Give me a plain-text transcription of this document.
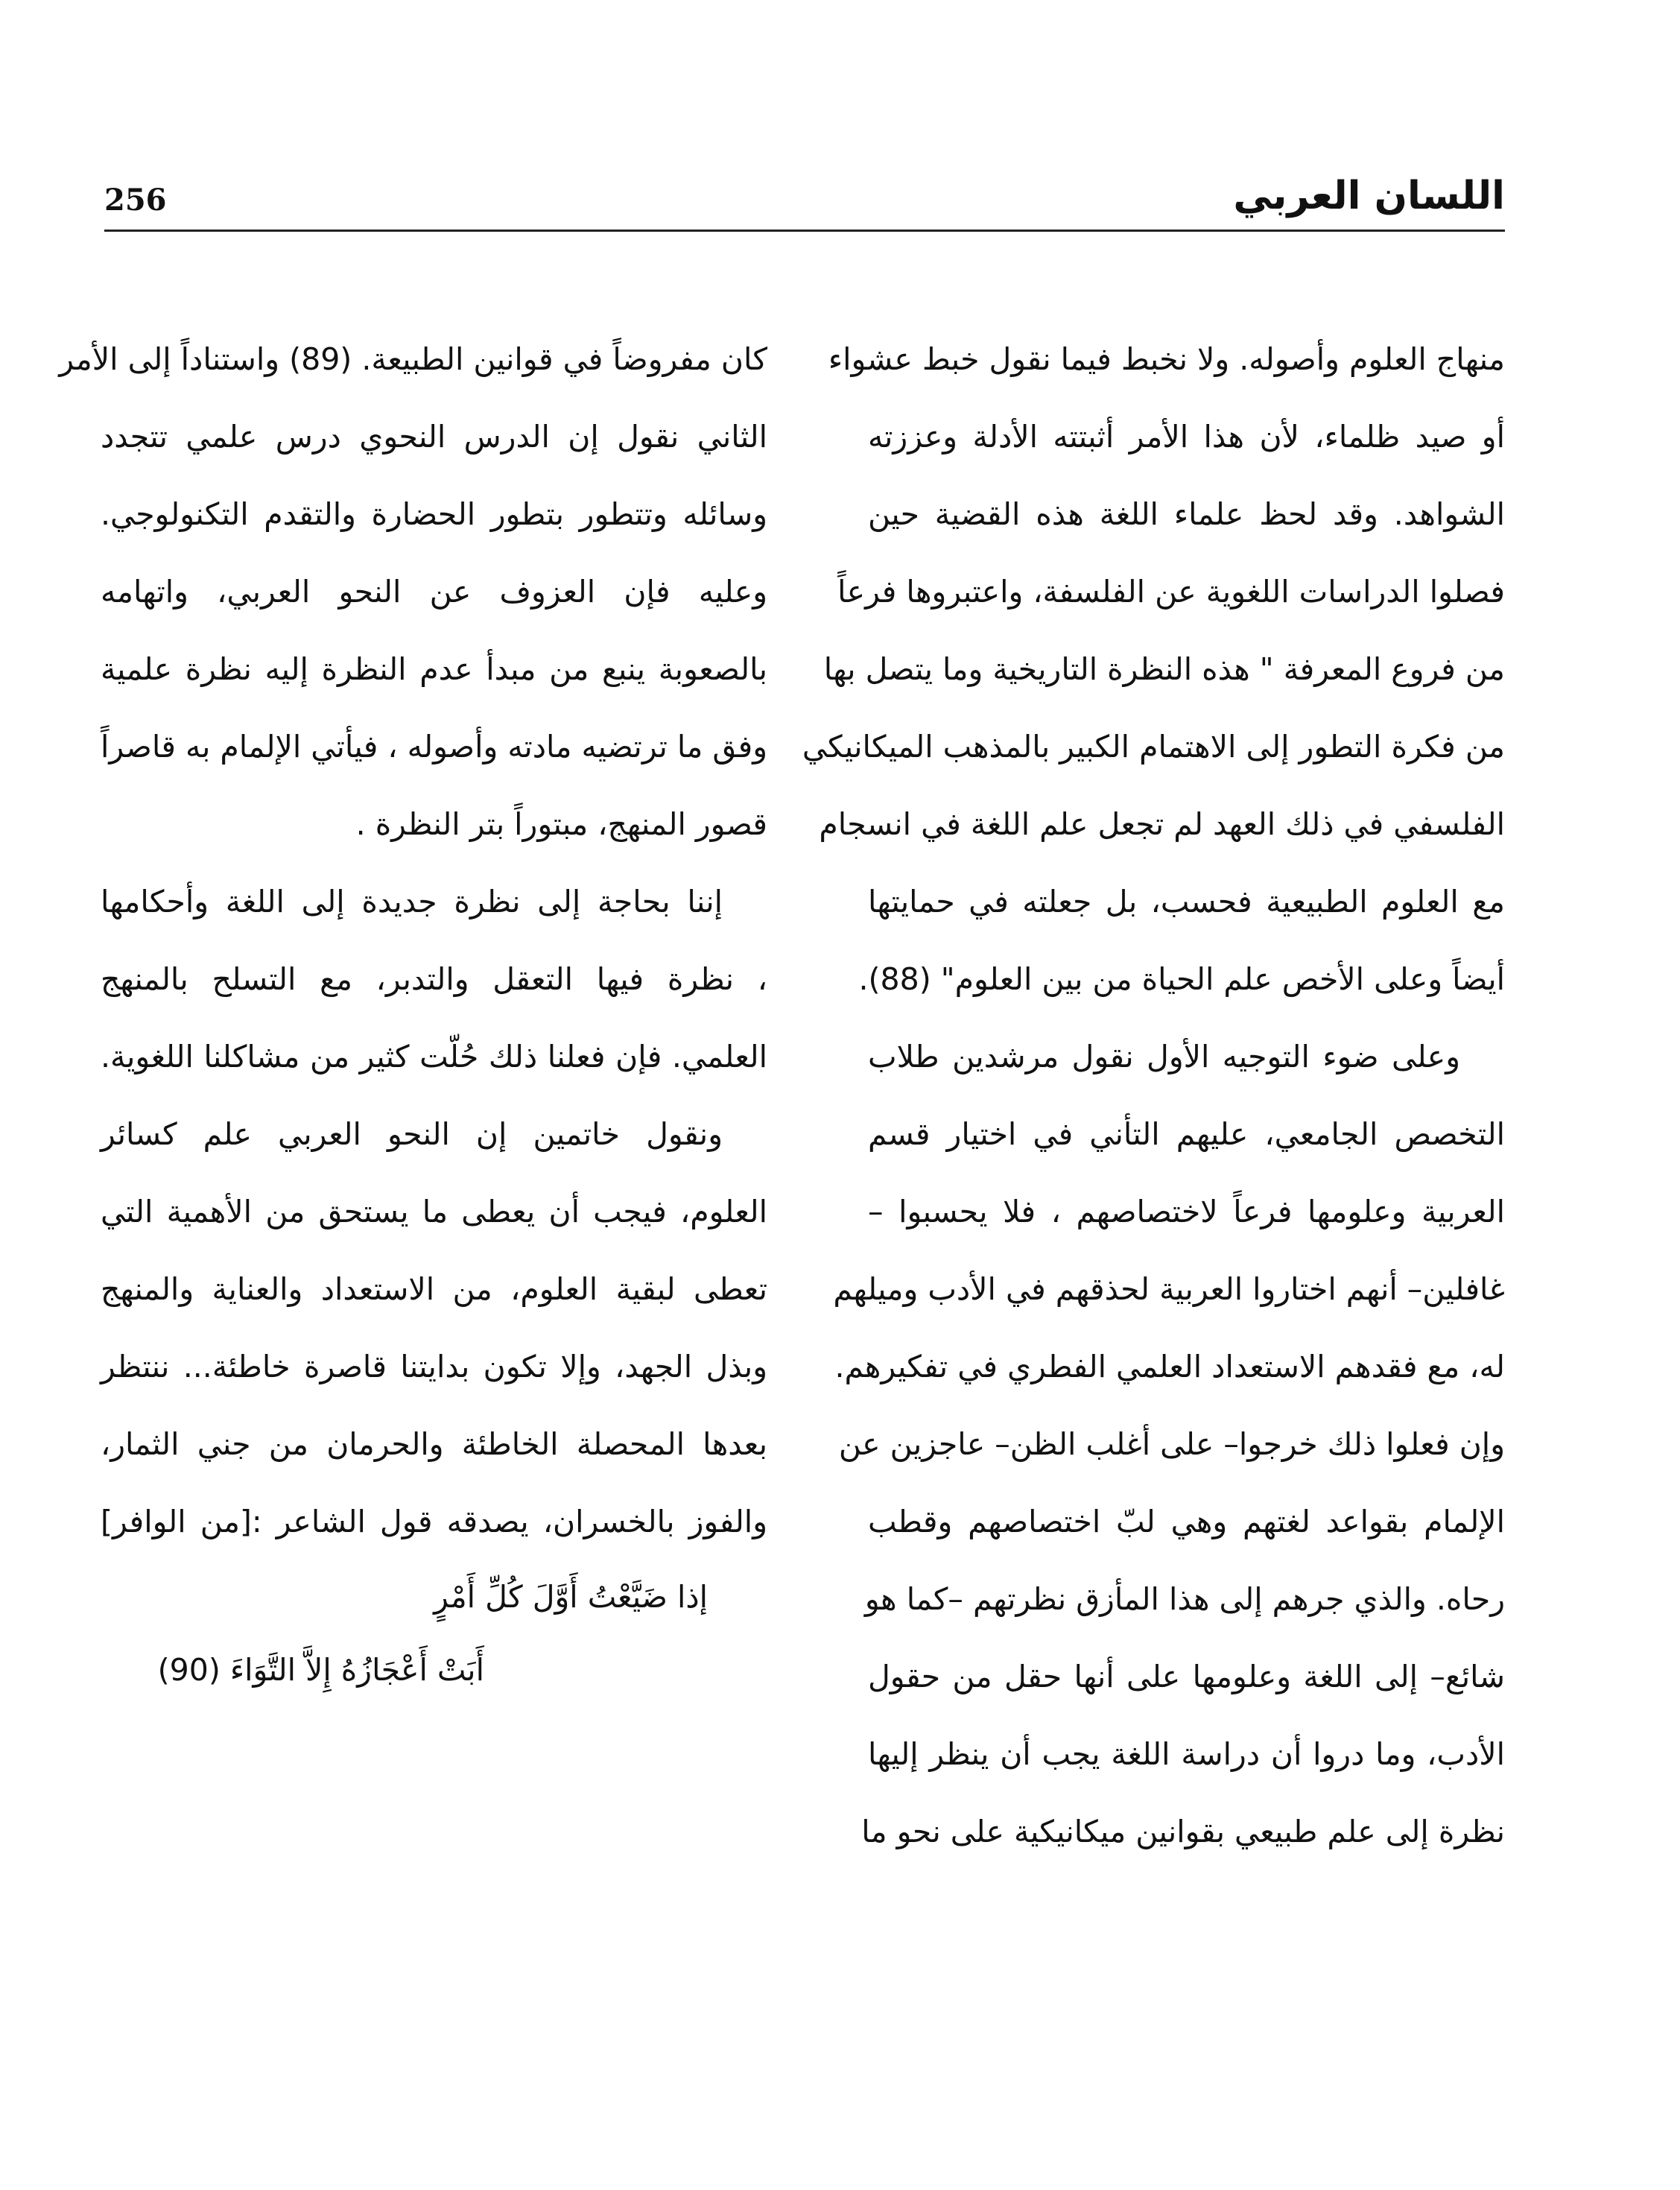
256	اللسان العربي
منهاج العلوم وأصوله. ولا نخبط فيما نقول خبط عشواء
أو صيد ظلماء، لأن هذا الأمر أثبتته الأدلة وعززته
الشواهد. وقد لحظ علماء اللغة هذه القضية حين
فصلوا الدراسات اللغوية عن الفلسفة، واعتبروها فرعاً
من فروع المعرفة " هذه النظرة التاريخية وما يتصل بها
من فكرة التطور إلى الاهتمام الكبير بالمذهب الميكانيكي
الفلسفي في ذلك العهد لم تجعل علم اللغة في انسجام
مع العلوم الطبيعية فحسب، بل جعلته في حمايتها
أيضاً وعلى الأخص علم الحياة من بين العلوم" (88).
وعلى ضوء التوجيه الأول نقول مرشدين طلاب
التخصص الجامعي، عليهم التأني في اختيار قسم
العربية وعلومها فرعاً لاختصاصهم ، فلا يحسبوا –
غافلين– أنهم اختاروا العربية لحذقهم في الأدب وميلهم
له، مع فقدهم الاستعداد العلمي الفطري في تفكيرهم.
وإن فعلوا ذلك خرجوا– على أغلب الظن– عاجزين عن
الإلمام بقواعد لغتهم وهي لبّ اختصاصهم وقطب
رحاه. والذي جرهم إلى هذا المأزق نظرتهم –كما هو
شائع– إلى اللغة وعلومها على أنها حقل من حقول
الأدب، وما دروا أن دراسة اللغة يجب أن ينظر إليها
نظرة إلى علم طبيعي بقوانين ميكانيكية على نحو ما
كان مفروضاً في قوانين الطبيعة. (89) واستناداً إلى الأمر
الثاني نقول إن الدرس النحوي درس علمي تتجدد
وسائله وتتطور بتطور الحضارة والتقدم التكنولوجي.
وعليه فإن العزوف عن النحو العربي، واتهامه
بالصعوبة ينبع من مبدأ عدم النظرة إليه نظرة علمية
وفق ما ترتضيه مادته وأصوله ، فيأتي الإلمام به قاصراً
قصور المنهج، مبتوراً بتر النظرة .
إننا بحاجة إلى نظرة جديدة إلى اللغة وأحكامها
، نظرة فيها التعقل والتدبر، مع التسلح بالمنهج
العلمي. فإن فعلنا ذلك حُلّت كثير من مشاكلنا اللغوية.
ونقول خاتمين إن النحو العربي علم كسائر
العلوم، فيجب أن يعطى ما يستحق من الأهمية التي
تعطى لبقية العلوم، من الاستعداد والعناية والمنهج
وبذل الجهد، وإلا تكون بدايتنا قاصرة خاطئة... ننتظر
بعدها المحصلة الخاطئة والحرمان من جني الثمار،
والفوز بالخسران، يصدقه قول الشاعر :[من الوافر]
إذا ضَيَّعْتُ أَوَّلَ كُلِّ أَمْرٍ
أَبَتْ أَعْجَازُهُ إِلاَّ التَّوَاءَ (90)
